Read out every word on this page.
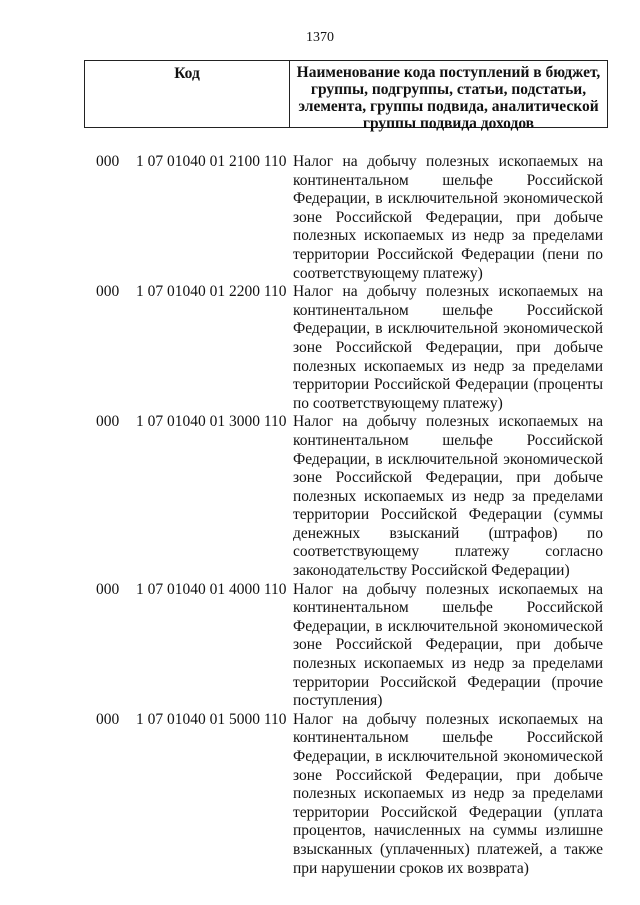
1370
Код	Наименование кода поступлений в бюджет, группы, подгруппы, статьи, подстатьи, элемента, группы подвида, аналитической группы подвида доходов
000 1 07 01040 01 2100 110 Налог на добычу полезных ископаемых на континентальном шельфе Российской Федерации, в исключительной экономической зоне Российской Федерации, при добыче полезных ископаемых из недр за пределами территории Российской Федерации (пени по соответствующему платежу)
000 1 07 01040 01 2200 110 Налог на добычу полезных ископаемых на континентальном шельфе Российской Федерации, в исключительной экономической зоне Российской Федерации, при добыче полезных ископаемых из недр за пределами территории Российской Федерации (проценты по соответствующему платежу)
000 1 07 01040 01 3000 110 Налог на добычу полезных ископаемых на континентальном шельфе Российской Федерации, в исключительной экономической зоне Российской Федерации, при добыче полезных ископаемых из недр за пределами территории Российской Федерации (суммы денежных взысканий (штрафов) по соответствующему платежу согласно законодательству Российской Федерации)
000 1 07 01040 01 4000 110 Налог на добычу полезных ископаемых на континентальном шельфе Российской Федерации, в исключительной экономической зоне Российской Федерации, при добыче полезных ископаемых из недр за пределами территории Российской Федерации (прочие поступления)
000 1 07 01040 01 5000 110 Налог на добычу полезных ископаемых на континентальном шельфе Российской Федерации, в исключительной экономической зоне Российской Федерации, при добыче полезных ископаемых из недр за пределами территории Российской Федерации (уплата процентов, начисленных на суммы излишне взысканных (уплаченных) платежей, а также при нарушении сроков их возврата)
